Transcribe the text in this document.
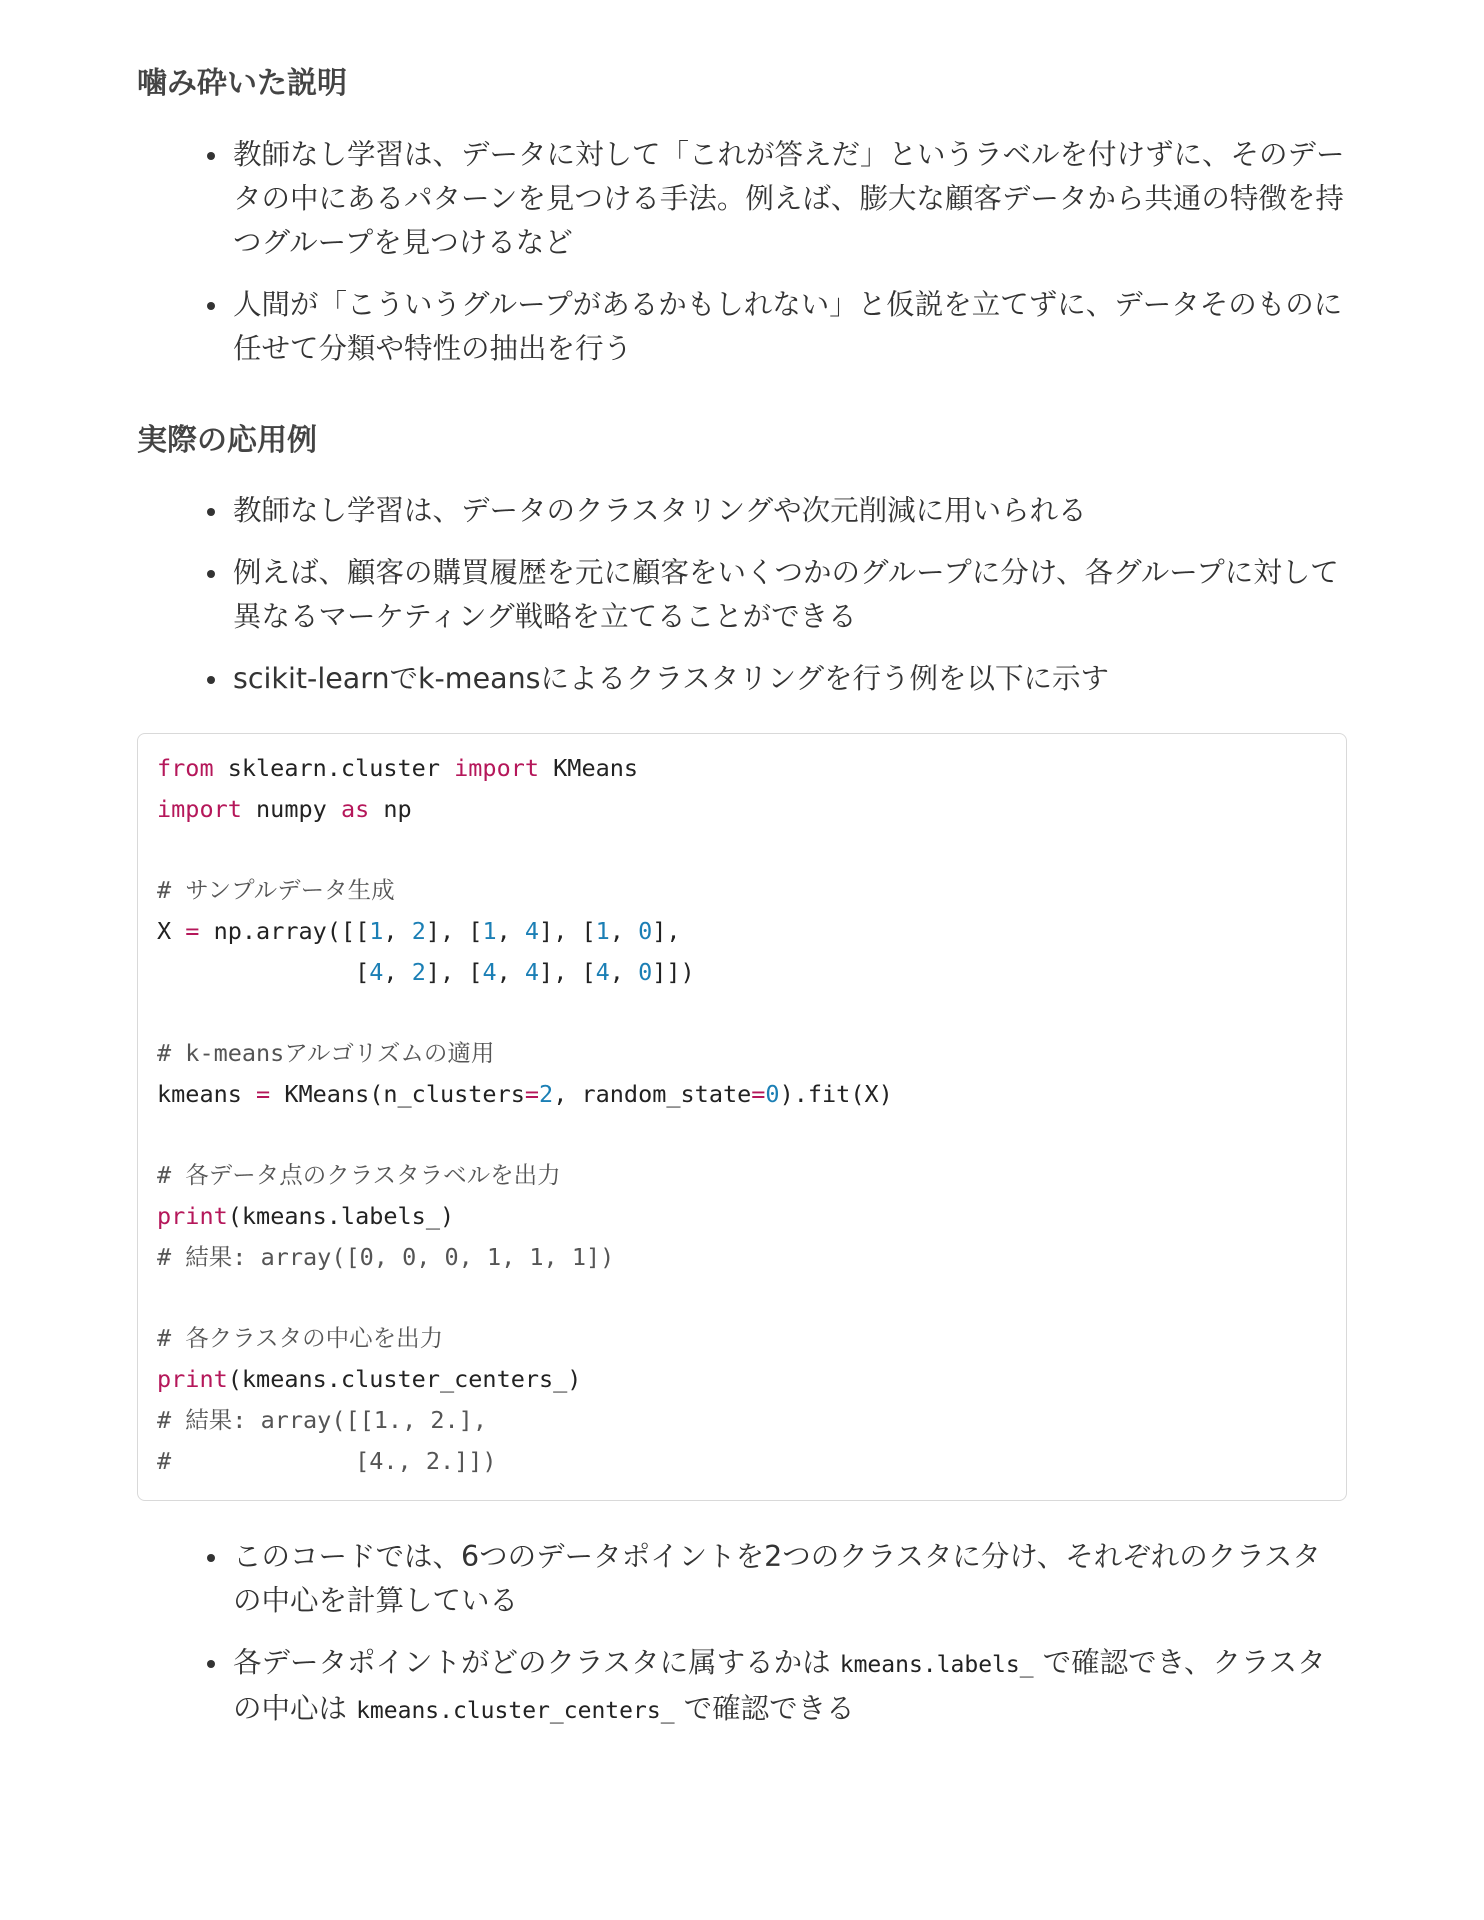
噛み砕いた説明
教師なし学習は、データに対して「これが答えだ」というラベルを付けずに、そのデータの中にあるパターンを見つける手法。例えば、膨大な顧客データから共通の特徴を持つグループを見つけるなど
人間が「こういうグループがあるかもしれない」と仮説を立てずに、データそのものに任せて分類や特性の抽出を行う
実際の応用例
教師なし学習は、データのクラスタリングや次元削減に用いられる
例えば、顧客の購買履歴を元に顧客をいくつかのグループに分け、各グループに対して異なるマーケティング戦略を立てることができる
scikit-learnでk-meansによるクラスタリングを行う例を以下に示す
from sklearn.cluster import KMeans
import numpy as np
# サンプルデータ生成
X = np.array([[1, 2], [1, 4], [1, 0],
[4, 2], [4, 4], [4, 0]])
# k-meansアルゴリズムの適用
kmeans = KMeans(n_clusters=2, random_state=0).fit(X)
# 各データ点のクラスタラベルを出力
print(kmeans.labels_)
# 結果: array([0, 0, 0, 1, 1, 1])
# 各クラスタの中心を出力
print(kmeans.cluster_centers_)
# 結果: array([[1., 2.],
#             [4., 2.]])
このコードでは、6つのデータポイントを2つのクラスタに分け、それぞれのクラスタの中心を計算している
各データポイントがどのクラスタに属するかは kmeans.labels_ で確認でき、クラスタの中心は kmeans.cluster_centers_ で確認できる
